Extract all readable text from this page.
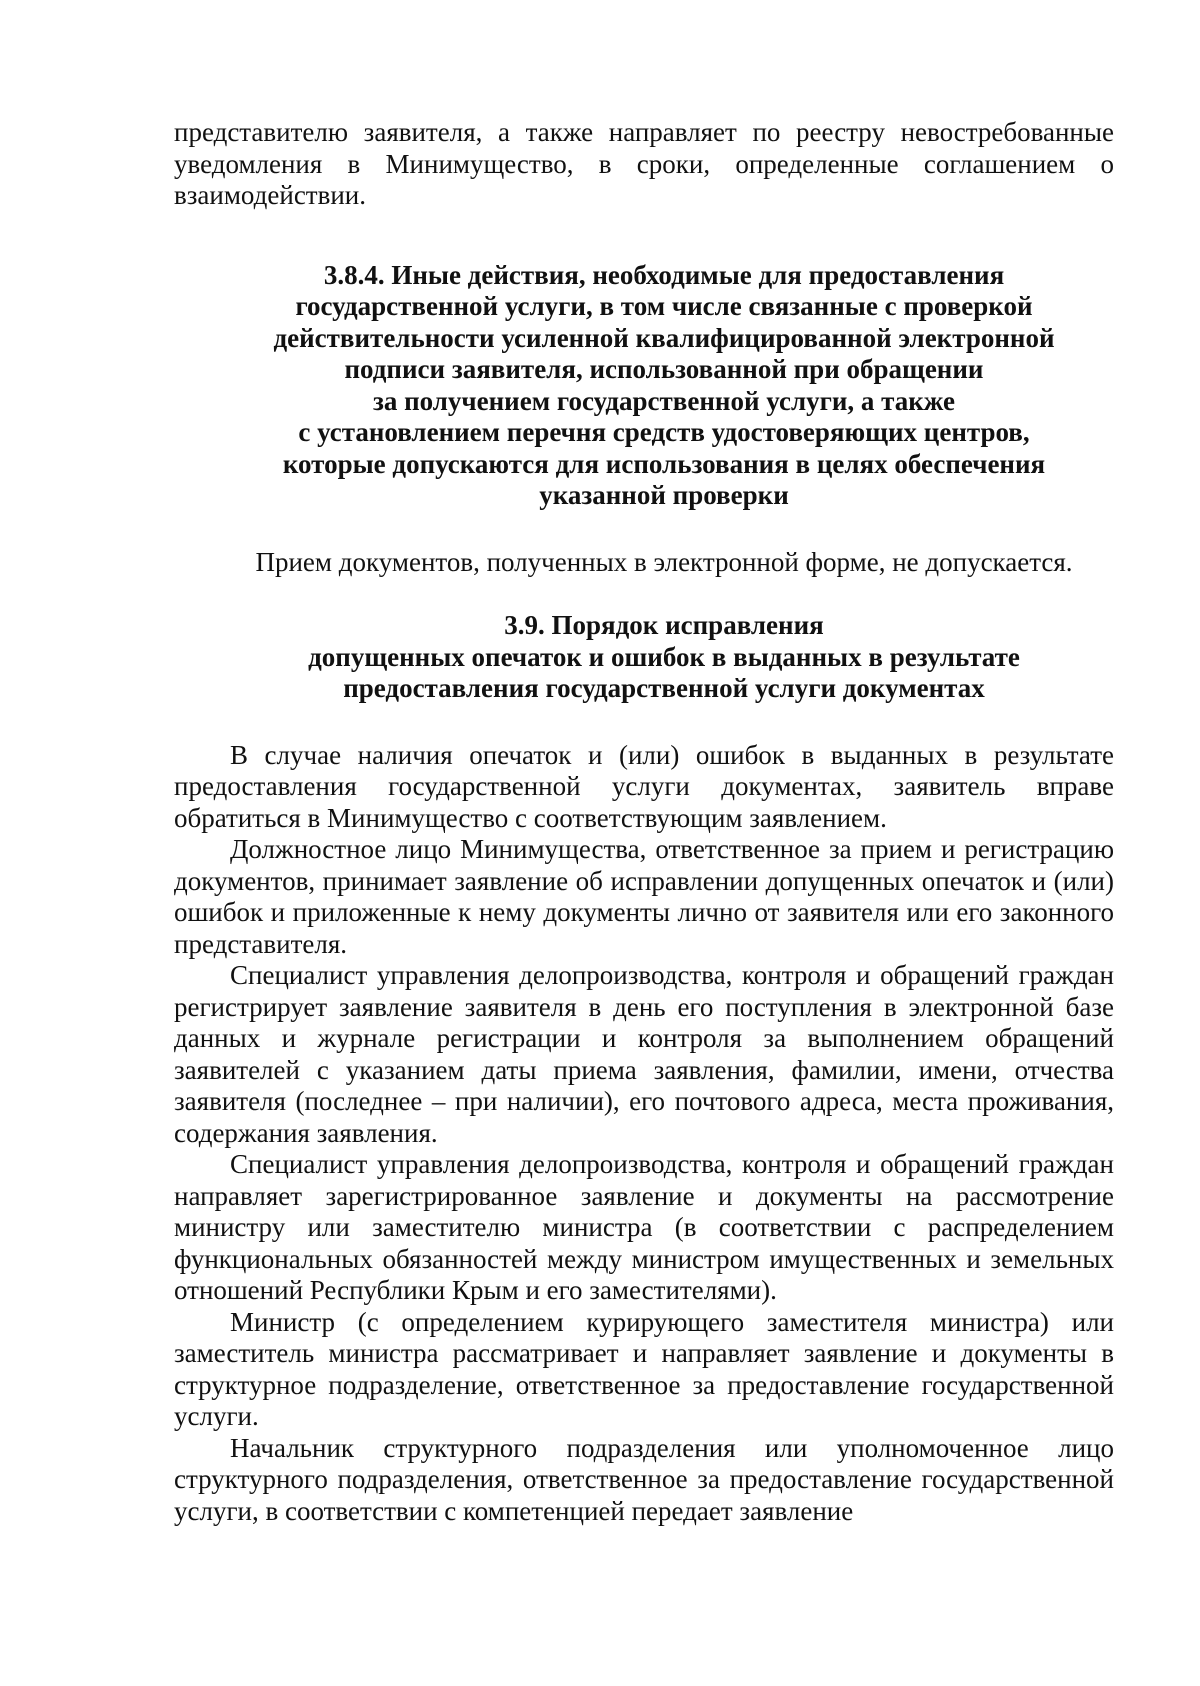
представителю заявителя, а также направляет по реестру невостребованные уведомления в Минимущество, в сроки, определенные соглашением о взаимодействии.

3.8.4. Иные действия, необходимые для предоставления
государственной услуги, в том числе связанные с проверкой
действительности усиленной квалифицированной электронной
подписи заявителя, использованной при обращении
за получением государственной услуги, а также
с установлением перечня средств удостоверяющих центров,
которые допускаются для использования в целях обеспечения
указанной проверки

Прием документов, полученных в электронной форме, не допускается.

3.9. Порядок исправления
допущенных опечаток и ошибок в выданных в результате
предоставления государственной услуги документах

В случае наличия опечаток и (или) ошибок в выданных в результате предоставления государственной услуги документах, заявитель вправе обратиться в Минимущество с соответствующим заявлением.

Должностное лицо Минимущества, ответственное за прием и регистрацию документов, принимает заявление об исправлении допущенных опечаток и (или) ошибок и приложенные к нему документы лично от заявителя или его законного представителя.

Специалист управления делопроизводства, контроля и обращений граждан регистрирует заявление заявителя в день его поступления в электронной базе данных и журнале регистрации и контроля за выполнением обращений заявителей с указанием даты приема заявления, фамилии, имени, отчества заявителя (последнее – при наличии), его почтового адреса, места проживания, содержания заявления.

Специалист управления делопроизводства, контроля и обращений граждан направляет зарегистрированное заявление и документы на рассмотрение министру или заместителю министра (в соответствии с распределением функциональных обязанностей между министром имущественных и земельных отношений Республики Крым и его заместителями).

Министр (с определением курирующего заместителя министра) или заместитель министра рассматривает и направляет заявление и документы в структурное подразделение, ответственное за предоставление государственной услуги.

Начальник структурного подразделения или уполномоченное лицо структурного подразделения, ответственное за предоставление государственной услуги, в соответствии с компетенцией передает заявление
